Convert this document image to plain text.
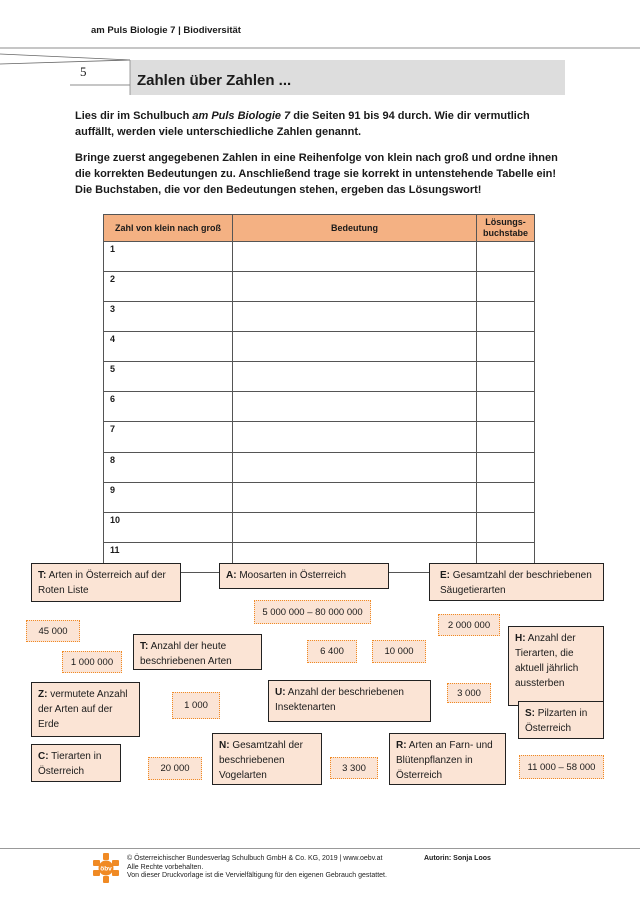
am Puls Biologie 7 | Biodiversität
5
Zahlen über Zahlen ...

Lies dir im Schulbuch am Puls Biologie 7 die Seiten 91 bis 94 durch. Wie dir vermutlich auffällt, werden viele unterschiedliche Zahlen genannt.

Bringe zuerst angegebenen Zahlen in eine Reihenfolge von klein nach groß und ordne ihnen die korrekten Bedeutungen zu. Anschließend trage sie korrekt in untenstehende Tabelle ein! Die Buchstaben, die vor den Bedeutungen stehen, ergeben das Lösungswort!

Zahl von klein nach groß	Bedeutung	Lösungs-buchstabe
1		
2		
3		
4		
5		
6		
7		
8		
9		
10		
11		
T: Arten in Österreich auf der Roten Liste
A: Moosarten in Österreich	E: Gesamtzahl der beschriebenen Säugetierarten
T: Anzahl der heute beschriebenen Arten
H: Anzahl der Tierarten, die aktuell jährlich aussterben
Z: vermutete Anzahl der Arten auf der Erde
U: Anzahl der beschriebenen Insektenarten
S: Pilzarten in Österreich
C: Tierarten in Österreich
N: Gesamtzahl der beschriebenen Vogelarten
R: Arten an Farn- und Blütenpflanzen in Österreich
5 000 000 – 80 000 000
45 000
2 000 000
1 000 000
6 400	10 000
3 000
1 000
20 000	3 300	11 000 – 58 000
öbv
© Österreichischer Bundesverlag Schulbuch GmbH & Co. KG, 2019 | www.oebv.at
Alle Rechte vorbehalten.
Von dieser Druckvorlage ist die Vervielfältigung für den eigenen Gebrauch gestattet.
Autorin: Sonja Loos
